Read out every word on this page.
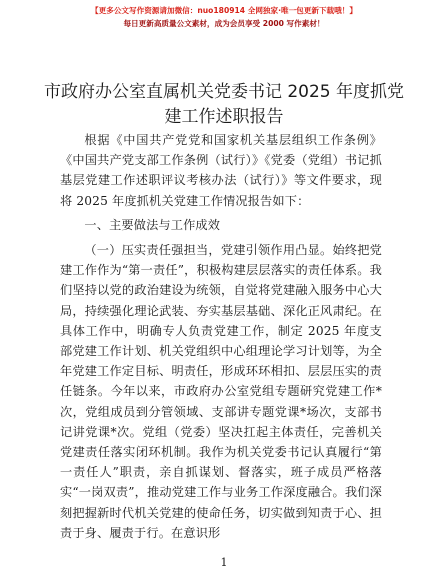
【更多公文写作资源请加微信：nuo180914 全网独家·唯一包更新下载哦！】
每日更新高质量公文素材，成为会员享受 2000 写作素材！
市政府办公室直属机关党委书记 2025 年度抓党建工作述职报告

根据《中国共产党党和国家机关基层组织工作条例》《中国共产党支部工作条例（试行）》《党委（党组）书记抓基层党建工作述职评议考核办法（试行）》等文件要求，现将 2025 年度抓机关党建工作情况报告如下：

一、主要做法与工作成效

（一）压实责任强担当，党建引领作用凸显。始终把党建工作作为“第一责任”，积极构建层层落实的责任体系。我们坚持以党的政治建设为统领，自觉将党建融入服务中心大局，持续强化理论武装、夯实基层基础、深化正风肃纪。在具体工作中，明确专人负责党建工作，制定 2025 年度支部党建工作计划、机关党组织中心组理论学习计划等，为全年党建工作定目标、明责任，形成环环相扣、层层压实的责任链条。今年以来，市政府办公室党组专题研究党建工作*次，党组成员到分管领域、支部讲专题党课*场次，支部书记讲党课*次。党组（党委）坚决扛起主体责任，完善机关党建责任落实闭环机制。我作为机关党委书记认真履行“第一责任人”职责，亲自抓谋划、督落实，班子成员严格落实“一岗双责”，推动党建工作与业务工作深度融合。我们深刻把握新时代机关党建的使命任务，切实做到知责于心、担责于身、履责于行。在意识形

1
